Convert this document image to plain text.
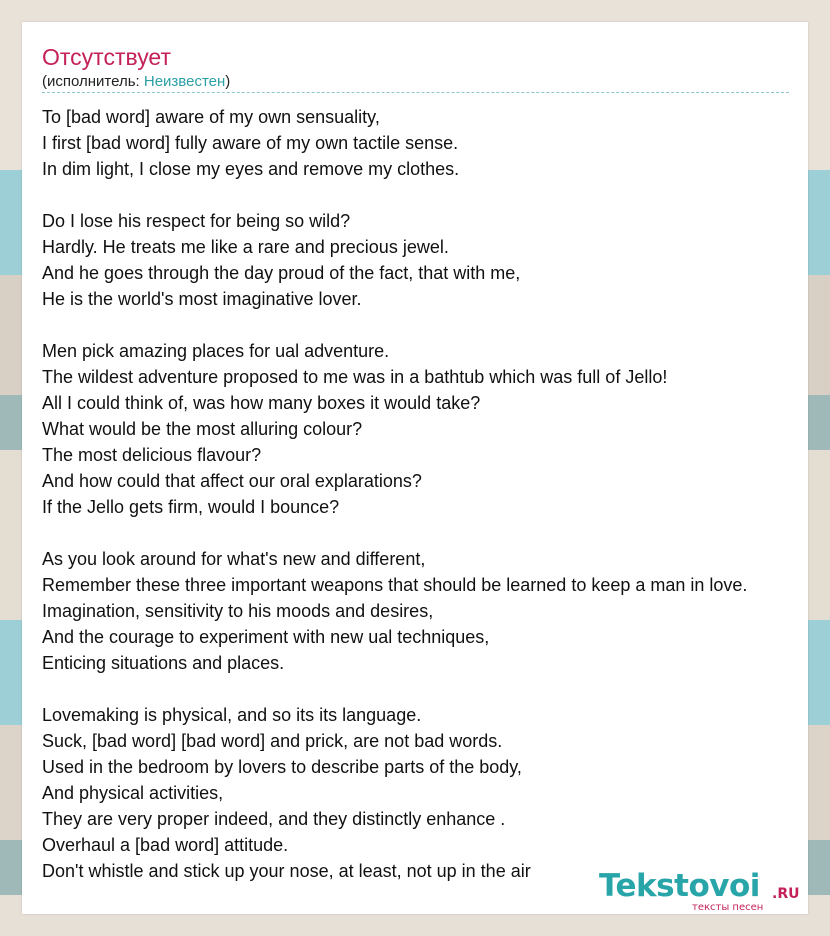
Отсутствует
(исполнитель: Неизвестен)
To [bad word] aware of my own sensuality,
I first [bad word] fully aware of my own tactile sense.
In dim light, I close my eyes and remove my clothes.
Do I lose his respect for being so wild?
Hardly. He treats me like a rare and precious jewel.
And he goes through the day proud of the fact, that with me,
He is the world's most imaginative lover.
Men pick amazing places for ual adventure.
The wildest adventure proposed to me was in a bathtub which was full of Jello!
All I could think of, was how many boxes it would take?
What would be the most alluring colour?
The most delicious flavour?
And how could that affect our oral explarations?
If the Jello gets firm, would I bounce?
As you look around for what's new and different,
Remember these three important weapons that should be learned to keep a man in love.
Imagination, sensitivity to his moods and desires,
And the courage to experiment with new ual techniques,
Enticing situations and places.
Lovemaking is physical, and so its its language.
Suck, [bad word] [bad word] and prick, are not bad words.
Used in the bedroom by lovers to describe parts of the body,
And physical activities,
They are very proper indeed, and they distinctly enhance .
Overhaul a [bad word] attitude.
Don't whistle and stick up your nose, at least, not up in the air	Tekstovoi .RU
тексты песен
